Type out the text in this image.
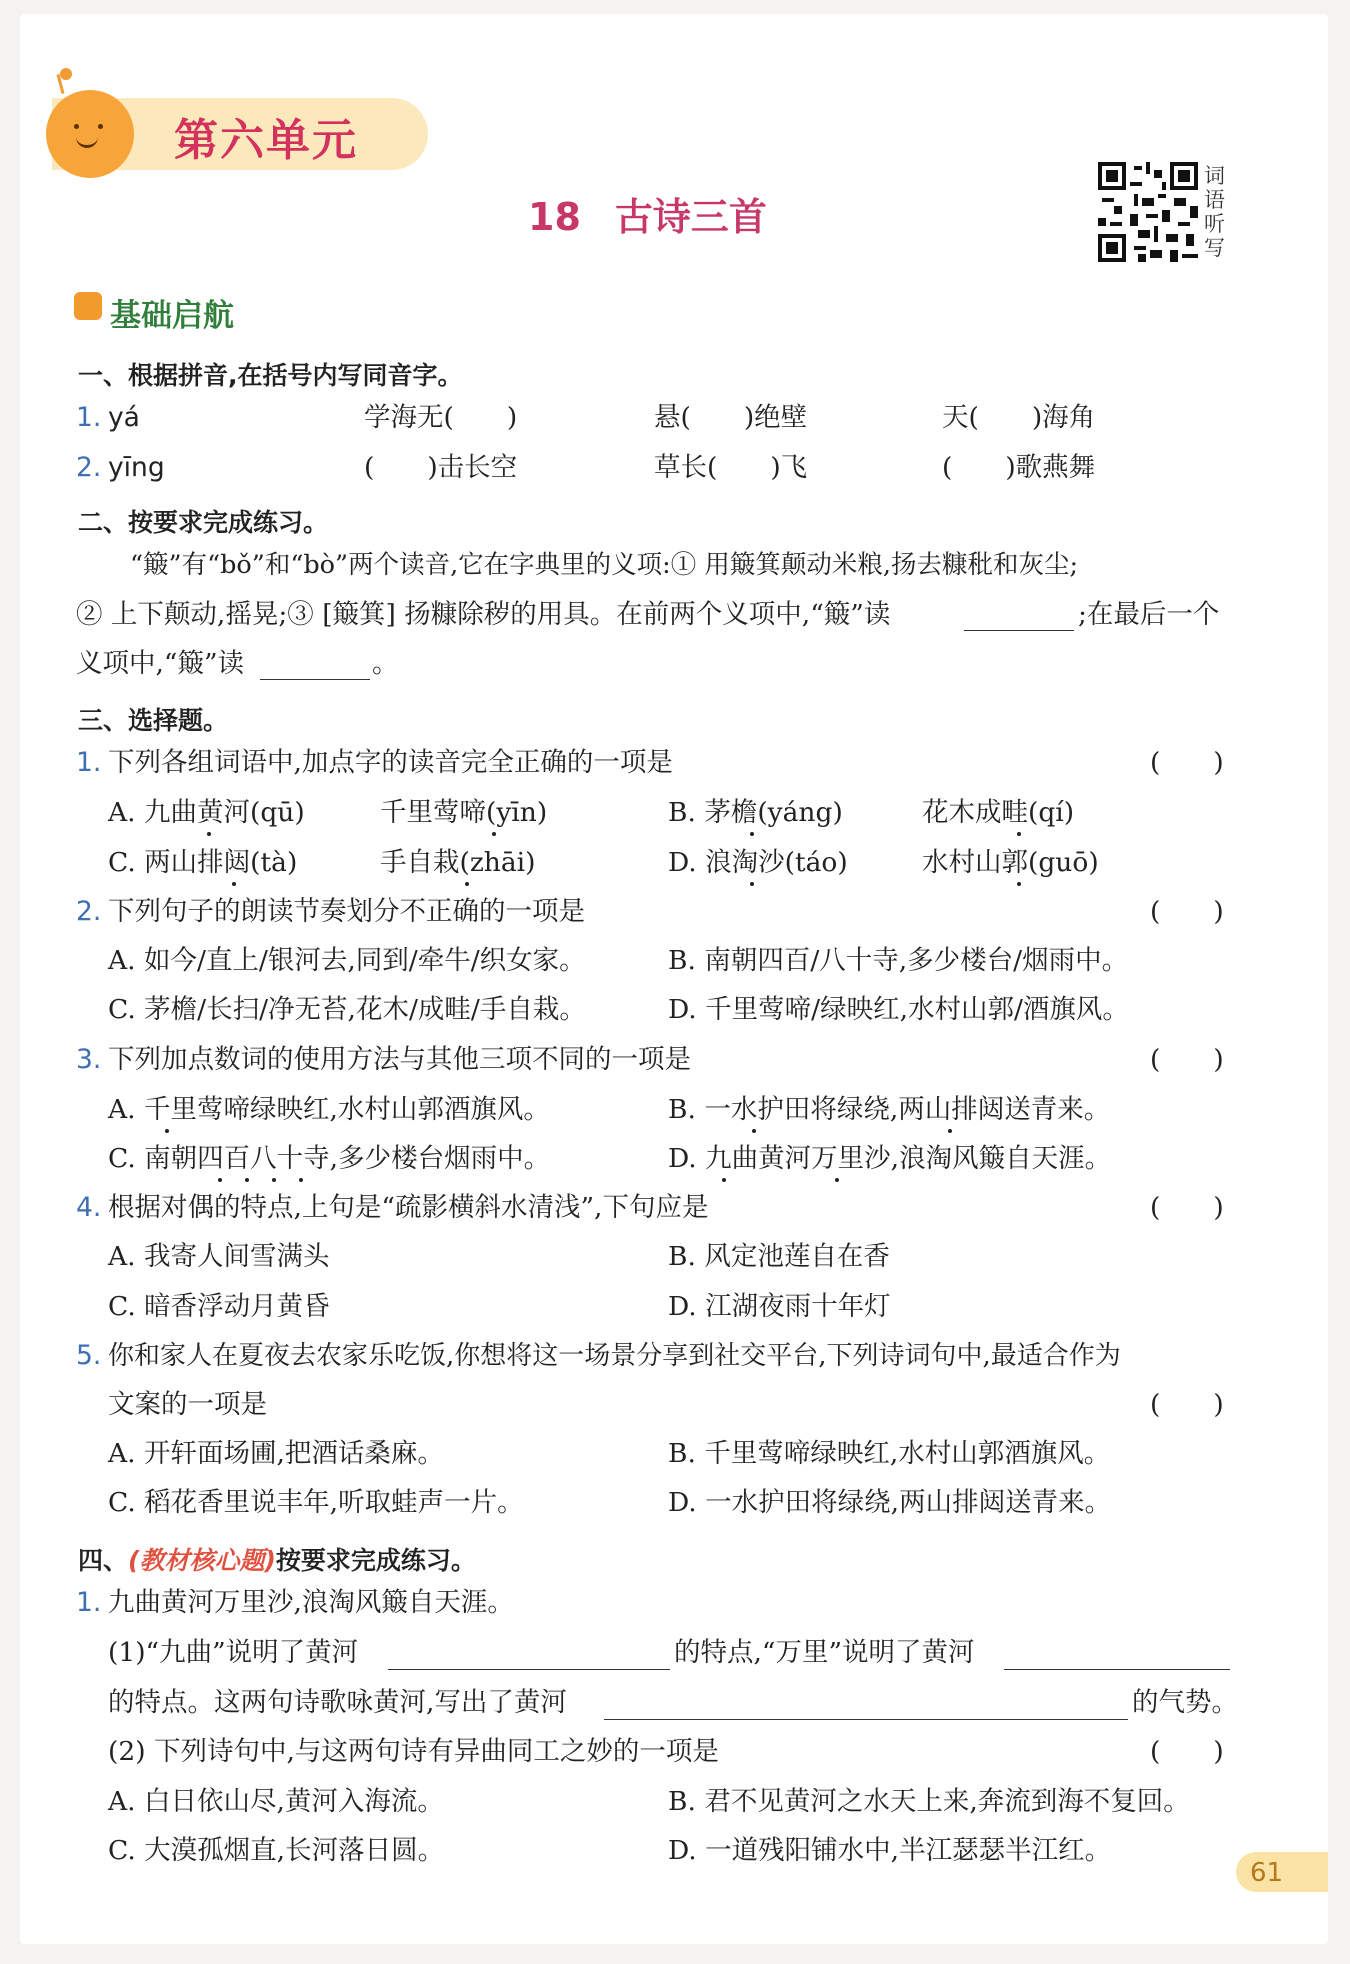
第六单元
18 古诗三首
词语听写
基础启航
一、根据拼音,在括号内写同音字。
1. yá	学海无(　　)	悬(　　)绝壁	天(　　)海角
2. yīng	(　　)击长空	草长(　　)飞	(　　)歌燕舞
二、按要求完成练习。
“簸”有“bǒ”和“bò”两个读音,它在字典里的义项:① 用簸箕颠动米粮,扬去糠秕和灰尘;
② 上下颠动,摇晃;③ [簸箕] 扬糠除秽的用具。在前两个义项中,“簸”读	;在最后一个
义项中,“簸”读	。
三、选择题。
1. 下列各组词语中,加点字的读音完全正确的一项是	(　　)
A. 九曲黄河(qū)	千里莺啼(yīn)	B. 茅檐(yáng)	花木成畦(qí)
C. 两山排闼(tà)	手自栽(zhāi)	D. 浪淘沙(táo)	水村山郭(guō)
2. 下列句子的朗读节奏划分不正确的一项是	(　　)
A. 如今/直上/银河去,同到/牵牛/织女家。	B. 南朝四百/八十寺,多少楼台/烟雨中。
C. 茅檐/长扫/净无苔,花木/成畦/手自栽。	D. 千里莺啼/绿映红,水村山郭/酒旗风。
3. 下列加点数词的使用方法与其他三项不同的一项是	(　　)
A. 千里莺啼绿映红,水村山郭酒旗风。	B. 一水护田将绿绕,两山排闼送青来。
C. 南朝四百八十寺,多少楼台烟雨中。	D. 九曲黄河万里沙,浪淘风簸自天涯。
4. 根据对偶的特点,上句是“疏影横斜水清浅”,下句应是	(　　)
A. 我寄人间雪满头	B. 风定池莲自在香
C. 暗香浮动月黄昏	D. 江湖夜雨十年灯
5. 你和家人在夏夜去农家乐吃饭,你想将这一场景分享到社交平台,下列诗词句中,最适合作为
文案的一项是	(　　)
A. 开轩面场圃,把酒话桑麻。	B. 千里莺啼绿映红,水村山郭酒旗风。
C. 稻花香里说丰年,听取蛙声一片。	D. 一水护田将绿绕,两山排闼送青来。
四、(教材核心题)按要求完成练习。
1. 九曲黄河万里沙,浪淘风簸自天涯。
(1)“九曲”说明了黄河	的特点,“万里”说明了黄河
的特点。这两句诗歌咏黄河,写出了黄河	的气势。
(2) 下列诗句中,与这两句诗有异曲同工之妙的一项是	(　　)
A. 白日依山尽,黄河入海流。	B. 君不见黄河之水天上来,奔流到海不复回。
C. 大漠孤烟直,长河落日圆。	D. 一道残阳铺水中,半江瑟瑟半江红。
61
